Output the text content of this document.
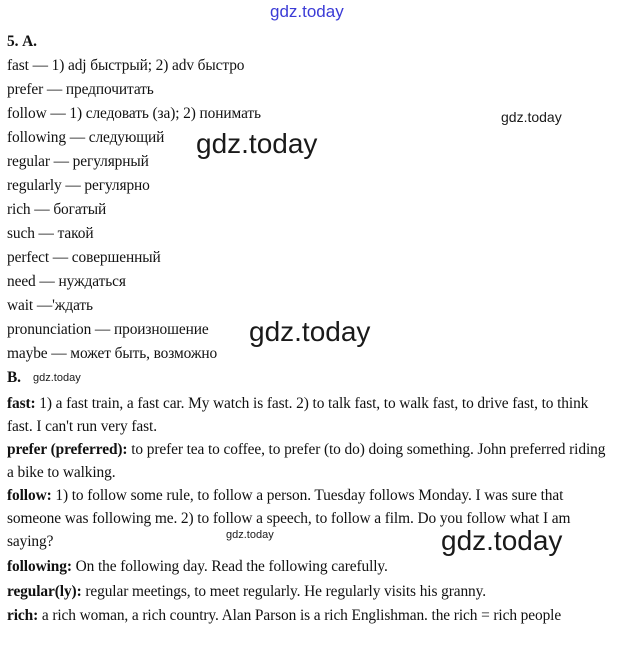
gdz.today
5. А.
fast — 1) adj быстрый; 2) adv быстро
prefer — предпочитать
follow — 1) следовать (за); 2) понимать
following — следующий
regular — регулярный
regularly — регулярно
rich — богатый
such — такой
perfect — совершенный
need — нуждаться
wait —'ждать
pronunciation — произношение
maybe — может быть, возможно
B.
fast: 1) a fast train, a fast car. My watch is fast. 2) to talk fast, to walk fast, to drive fast, to think fast. I can't run very fast.
prefer (preferred): to prefer tea to coffee, to prefer (to do) doing something. John preferred riding a bike to walking.
follow: 1) to follow some rule, to follow a person. Tuesday follows Monday. I was sure that someone was following me. 2) to follow a speech, to follow a film. Do you follow what I am saying?
following: On the following day. Read the following carefully.
regular(ly): regular meetings, to meet regularly. He regularly visits his granny.
rich: a rich woman, a rich country. Alan Parson is a rich Englishman. the rich = rich people
gdz.today
gdz.today
gdz.today
gdz.today
gdz.today	gdz.today
